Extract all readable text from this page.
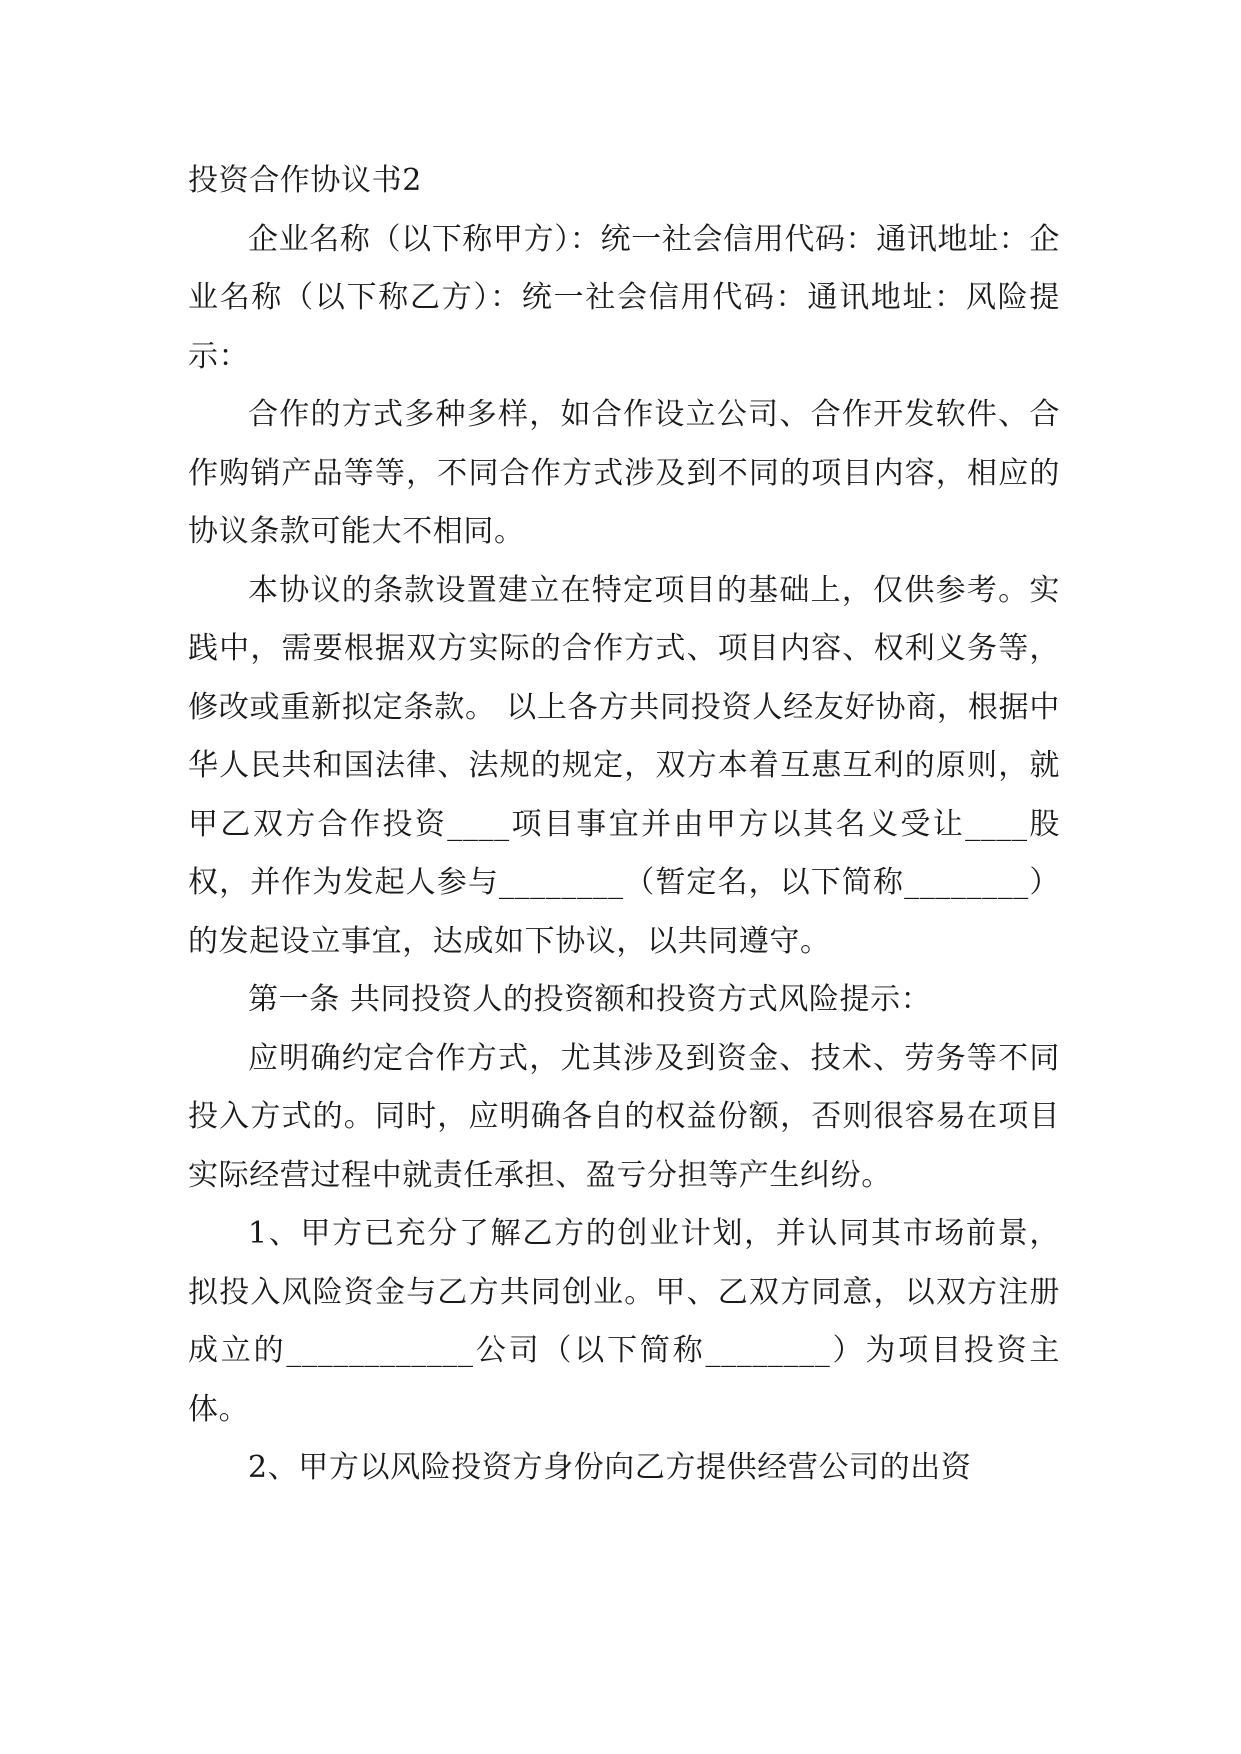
投资合作协议书2

企业名称（以下称甲方）：统一社会信用代码：通讯地址：企业名称（以下称乙方）：统一社会信用代码：通讯地址：风险提示：

合作的方式多种多样，如合作设立公司、合作开发软件、合作购销产品等等，不同合作方式涉及到不同的项目内容，相应的协议条款可能大不相同。

本协议的条款设置建立在特定项目的基础上，仅供参考。实践中，需要根据双方实际的合作方式、项目内容、权利义务等，修改或重新拟定条款。 以上各方共同投资人经友好协商，根据中华人民共和国法律、法规的规定，双方本着互惠互利的原则，就甲乙双方合作投资____项目事宜并由甲方以其名义受让____股权，并作为发起人参与________（暂定名，以下简称________）的发起设立事宜，达成如下协议，以共同遵守。

第一条 共同投资人的投资额和投资方式风险提示：

应明确约定合作方式，尤其涉及到资金、技术、劳务等不同投入方式的。同时，应明确各自的权益份额，否则很容易在项目实际经营过程中就责任承担、盈亏分担等产生纠纷。

1、甲方已充分了解乙方的创业计划，并认同其市场前景，拟投入风险资金与乙方共同创业。甲、乙双方同意，以双方注册成立的____________公司（以下简称________）为项目投资主体。

2、甲方以风险投资方身份向乙方提供经营公司的出资
